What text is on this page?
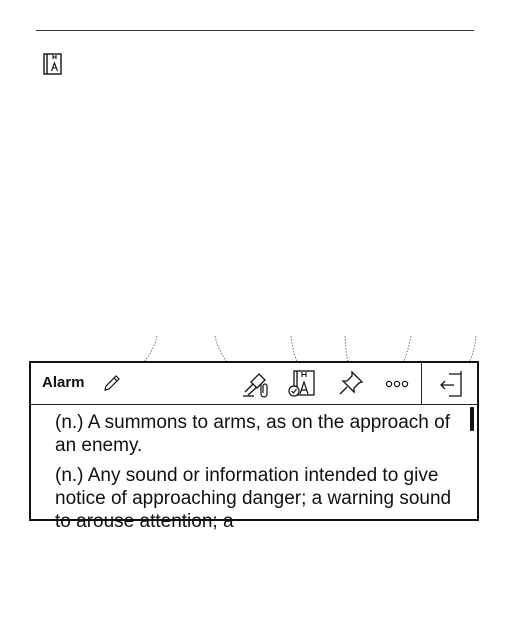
Alarm

(n.) A summons to arms, as on the approach of an enemy.

(n.) Any sound or information intended to give notice of approaching danger; a warning sound to arouse attention; a
